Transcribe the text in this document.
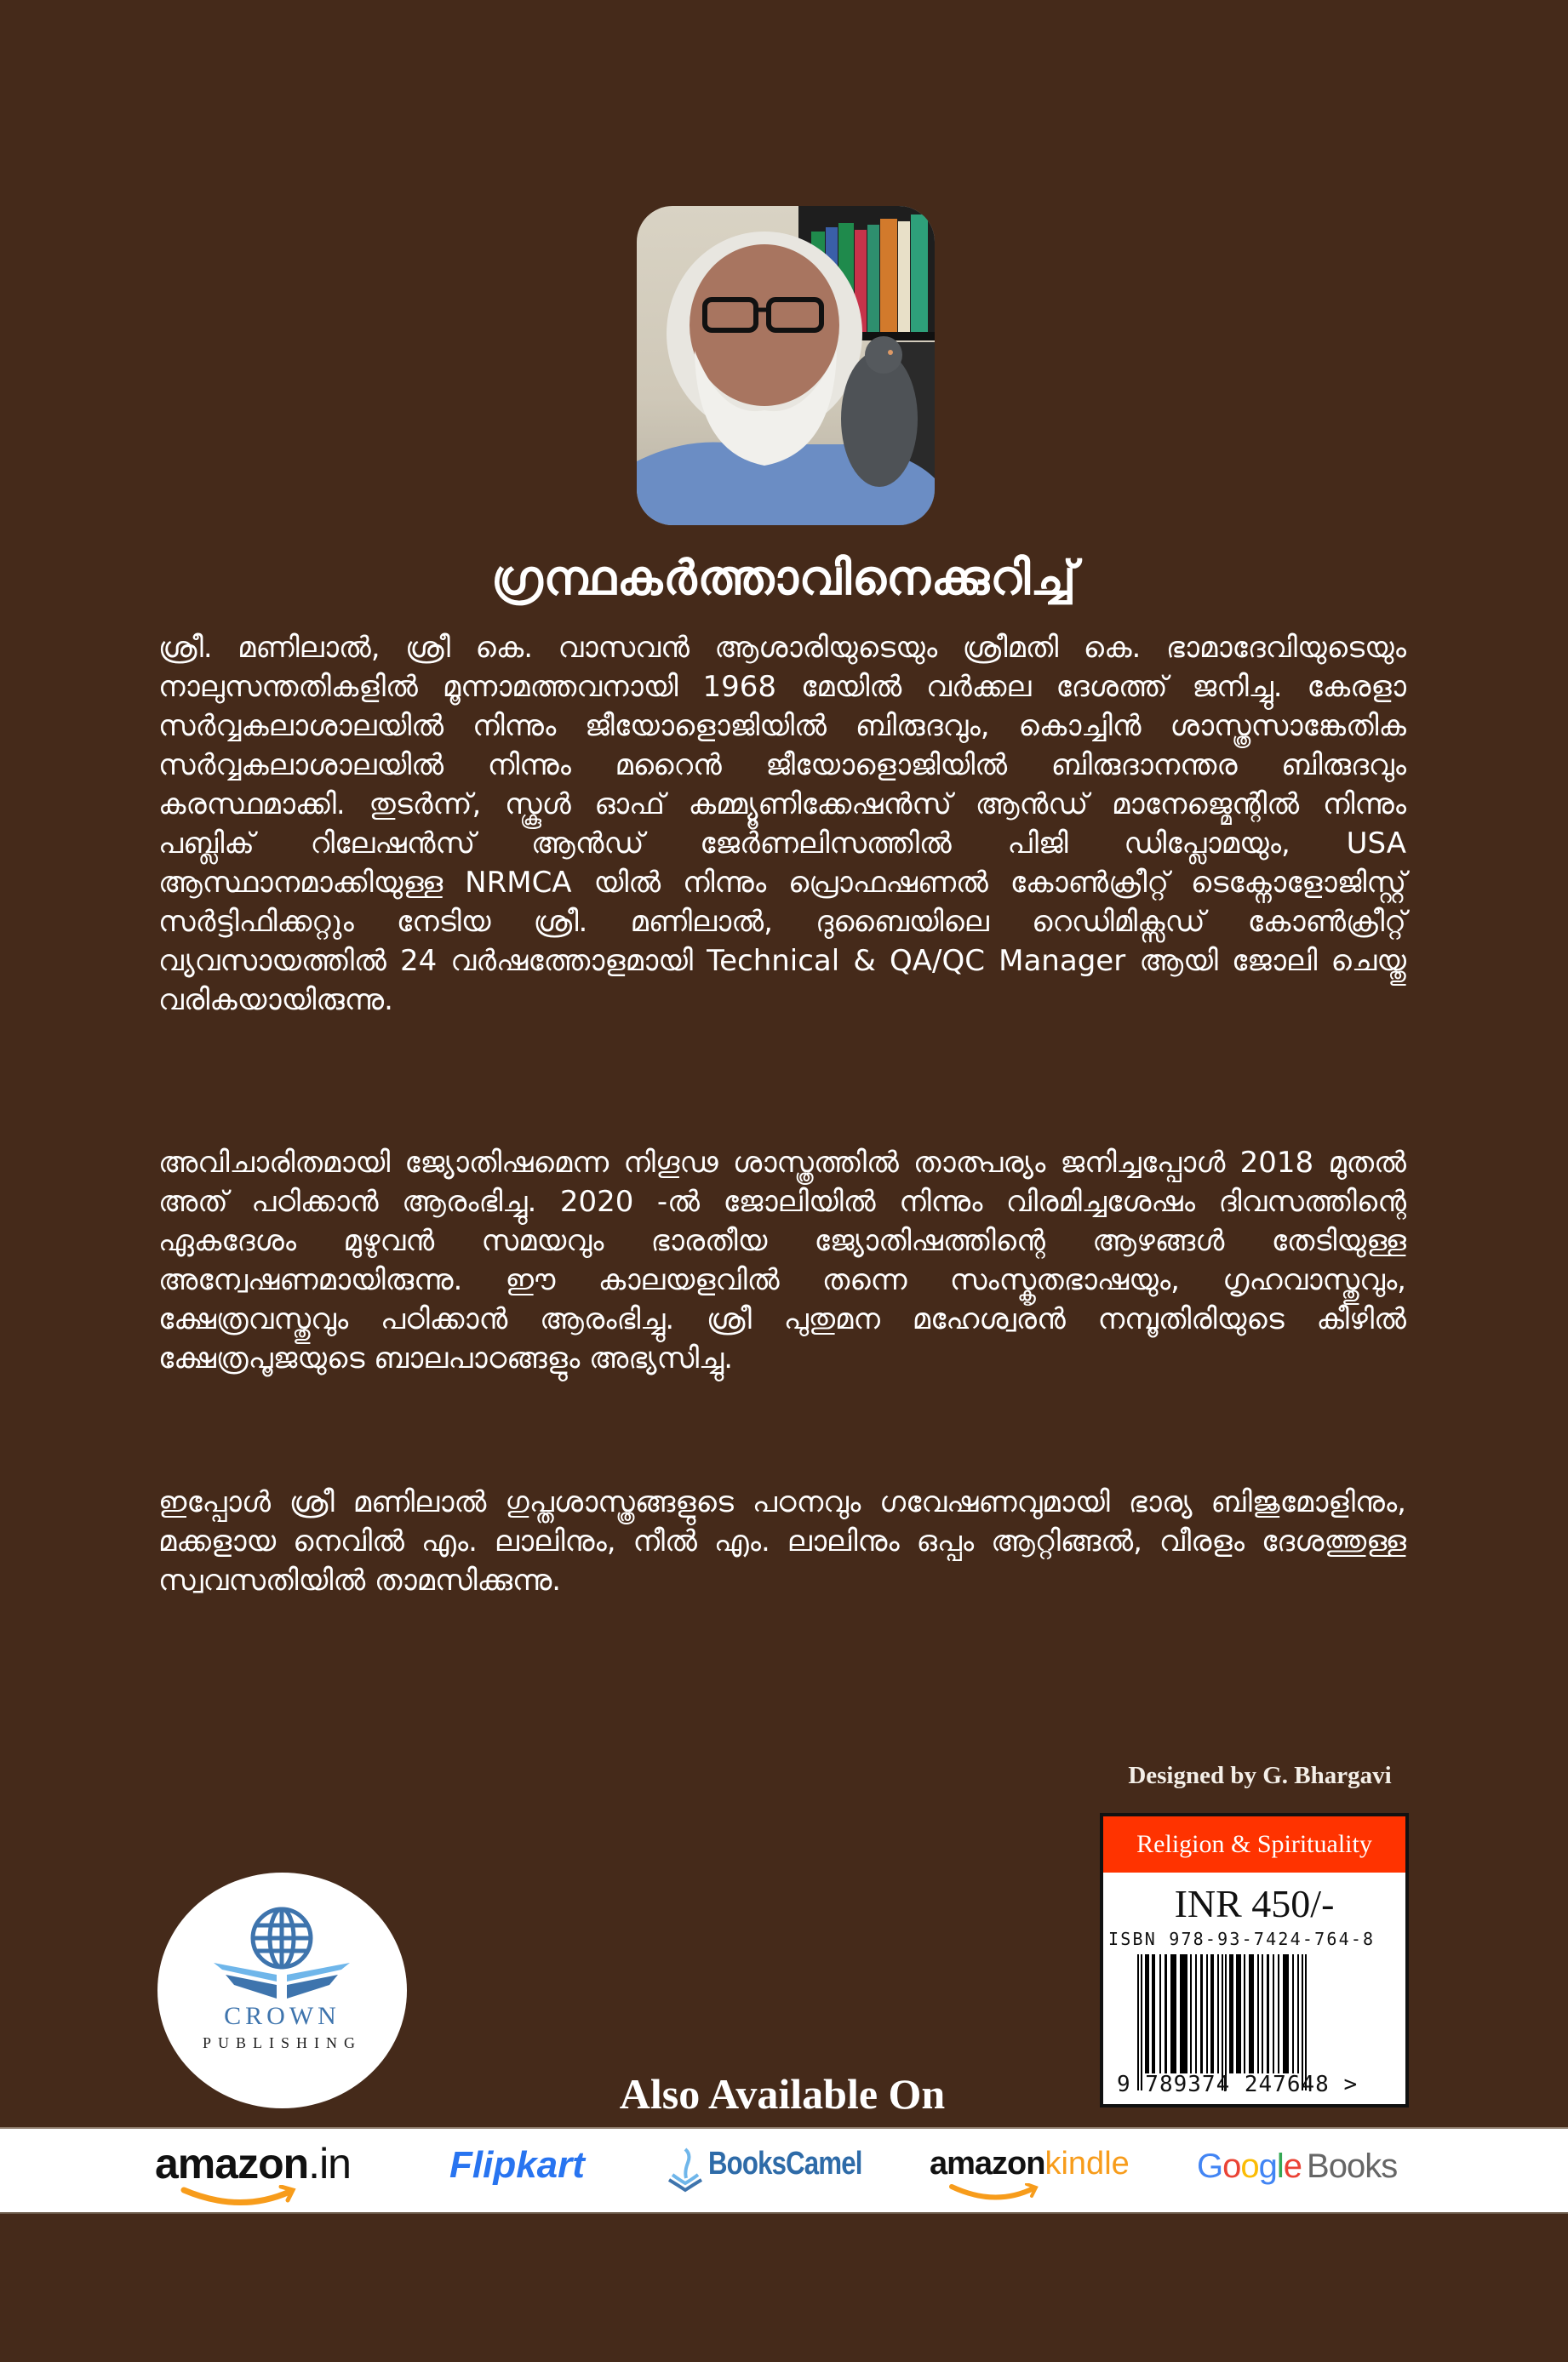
ഗ്രന്ഥകർത്താവിനെക്കുറിച്ച്

ശ്രീ. മണിലാൽ, ശ്രീ കെ. വാസവൻ ആശാരിയുടെയും ശ്രീമതി കെ. ഭാമാദേവിയുടെയും നാലുസന്തതികളിൽ മൂന്നാമത്തവനായി 1968 മേയിൽ വർക്കല ദേശത്ത് ജനിച്ചു. കേരളാ സർവ്വകലാശാലയിൽ നിന്നും ജീയോളൊജിയിൽ ബിരുദവും, കൊച്ചിൻ ശാസ്ത്രസാങ്കേതിക സർവ്വകലാശാലയിൽ നിന്നും മറൈൻ ജീയോളൊജിയിൽ ബിരുദാനന്തര ബിരുദവും കരസ്ഥമാക്കി. തുടർന്ന്, സ്കൂൾ ഓഫ് കമ്മ്യൂണിക്കേഷൻസ് ആൻഡ് മാനേജ്മെന്റിൽ നിന്നും പബ്ലിക് റിലേഷൻസ് ആൻഡ് ജേർണലിസത്തിൽ പിജി ഡിപ്ലോമയും, USA ആസ്ഥാനമാക്കിയുള്ള NRMCA യിൽ നിന്നും പ്രൊഫഷണൽ കോൺക്രീറ്റ് ടെക്നോളോജിസ്റ്റ് സർട്ടിഫിക്കറ്റും നേടിയ ശ്രീ. മണിലാൽ, ദുബൈയിലെ റെഡിമിക്സഡ് കോൺക്രീറ്റ് വ്യവസായത്തിൽ 24 വർഷത്തോളമായി Technical & QA/QC Manager ആയി ജോലി ചെയ്തു വരികയായിരുന്നു.

അവിചാരിതമായി ജ്യോതിഷമെന്ന നിഗൂഢ ശാസ്ത്രത്തിൽ താത്പര്യം ജനിച്ചപ്പോൾ 2018 മുതൽ അത് പഠിക്കാൻ ആരംഭിച്ചു. 2020 -ൽ ജോലിയിൽ നിന്നും വിരമിച്ചശേഷം ദിവസത്തിന്റെ ഏകദേശം മുഴുവൻ സമയവും ഭാരതീയ ജ്യോതിഷത്തിന്റെ ആഴങ്ങൾ തേടിയുള്ള അന്വേഷണമായിരുന്നു. ഈ കാലയളവിൽ തന്നെ സംസ്കൃതഭാഷയും, ഗൃഹവാസ്തുവും, ക്ഷേത്രവസ്തുവും പഠിക്കാൻ ആരംഭിച്ചു. ശ്രീ പുതുമന മഹേശ്വരൻ നമ്പൂതിരിയുടെ കീഴിൽ ക്ഷേത്രപൂജയുടെ ബാലപാഠങ്ങളും അഭ്യസിച്ചു.

ഇപ്പോൾ ശ്രീ മണിലാൽ ഗുപ്തശാസ്ത്രങ്ങളുടെ പഠനവും ഗവേഷണവുമായി ഭാര്യ ബിജുമോളിനും, മക്കളായ നെവിൽ എം. ലാലിനും, നീൽ എം. ലാലിനും ഒപ്പം ആറ്റിങ്ങൽ, വീരളം ദേശത്തുള്ള സ്വവസതിയിൽ താമസിക്കുന്നു.

Designed by G. Bhargavi
Religion & Spirituality
INR 450/-
ISBN 978-93-7424-764-8
9 789374 247648 >
CROWN
PUBLISHING
Also Available On
amazon.in	Flipkart	BooksCamel amazonkindle Google Books
